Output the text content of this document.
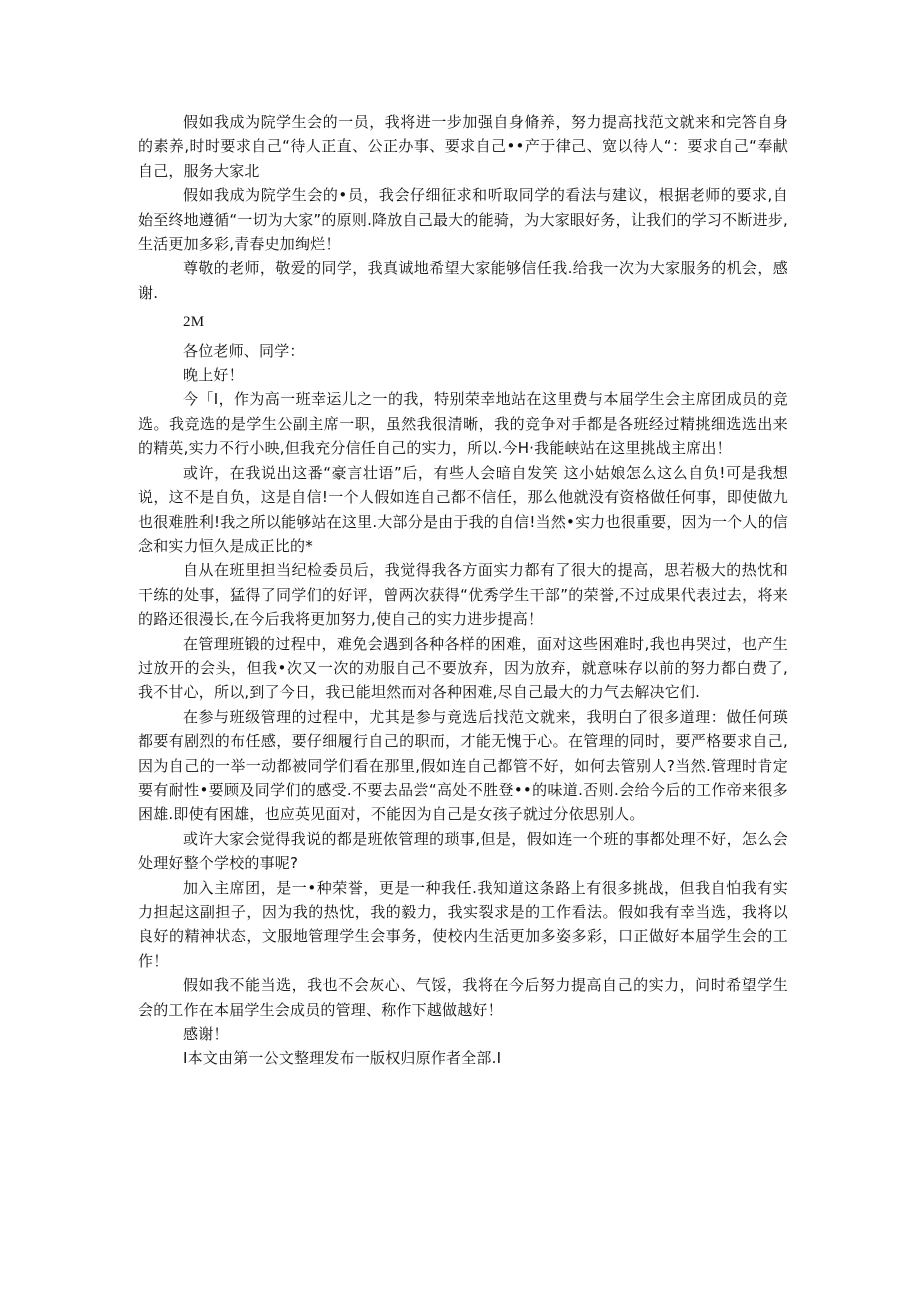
假如我成为院学生会的一员，我将进一步加强自身脩养，努力提高找范文就来和完答自身的素养,时时要求自己“待人正直、公正办事、要求自己••产于律己、宽以待人“：要求自己“奉献自己，服务大家北

假如我成为院学生会的•员，我会仔细征求和听取同学的看法与建议，根据老师的要求,自始至终地遵循“一切为大家”的原则.降放自己最大的能骑，为大家眼好务，让我们的学习不断进步,生活更加多彩,青春史加绚烂！

尊敬的老师，敬爱的同学，我真诚地希望大家能够信任我.给我一次为大家服务的机会，感谢.

2M

各位老师、同学：

晚上好！

今「I，作为高一班幸运儿之一的我，特别荣幸地站在这里费与本届学生会主席团成员的竞选。我竞选的是学生公副主席一职，虽然我很清晰，我的竞争对手都是各班经过精挑细选选出来的精英,实力不行小映,但我充分信任自己的实力，所以.今H·我能峡站在这里挑战主席出！

或许，在我说出这番“豪言壮语”后，有些人会暗自发笑 这小姑娘怎么这么自负!可是我想说，这不是自负，这是自信!一个人假如连自己都不信任，那么他就没有资格做任何事，即使做九也很难胜利!我之所以能够站在这里.大部分是由于我的自信!当然•实力也很重要，因为一个人的信念和实力恒久是成正比的*

自从在班里担当纪检委员后，我觉得我各方面实力都有了很大的提高，思若极大的热忱和干练的处事，猛得了同学们的好评，曾两次获得“优秀学生干部”的荣誉,不过成果代表过去，将来的路还很漫长,在今后我将更加努力,使自己的实力进步提高！

在管理班锻的过程中，难免会遇到各种各样的困难，面对这些困难时,我也冉哭过，也产生过放开的会头，但我•次又一次的劝服自己不要放弃，因为放弃，就意味存以前的努力都白费了,我不甘心，所以,到了今日，我已能坦然而对各种困难,尽自己最大的力气去解决它们.

在参与班级管理的过程中，尤其是参与竟选后找范文就来，我明白了很多道理：做任何瑛都要有剧烈的布任感，要仔细履行自己的职而，才能无愧于心。在管理的同时，要严格要求自己,因为自己的一举一动都被同学们看在那里,假如连自己都管不好，如何去管别人?当然.管理时肯定要有耐性•要顾及同学们的感受.不要去品尝“高处不胜登••的味道.否则.会给今后的工作帝来很多困雄.即使有困雄，也应英见面对，不能因为自己是女孩子就过分依思别人。

或许大家会觉得我说的都是班侬管理的琐事,但是，假如连一个班的事都处理不好，怎么会处理好整个学校的事呢?

加入主席团，是一•种荣誉，更是一种我任.我知道这条路上有很多挑战，但我自怕我有实力担起这副担子，因为我的热忱，我的毅力，我实裂求是的工作看法。假如我有幸当选，我将以良好的精神状态，文服地管理学生会事务，使校内生活更加多姿多彩，口正做好本届学生会的工作！

假如我不能当选，我也不会灰心、气馁，我将在今后努力提高自己的实力，问时希望学生会的工作在本届学生会成员的管理、称作下越做越好！

感谢！

I本文由第一公文整理发布一版权归原作者全部.I
